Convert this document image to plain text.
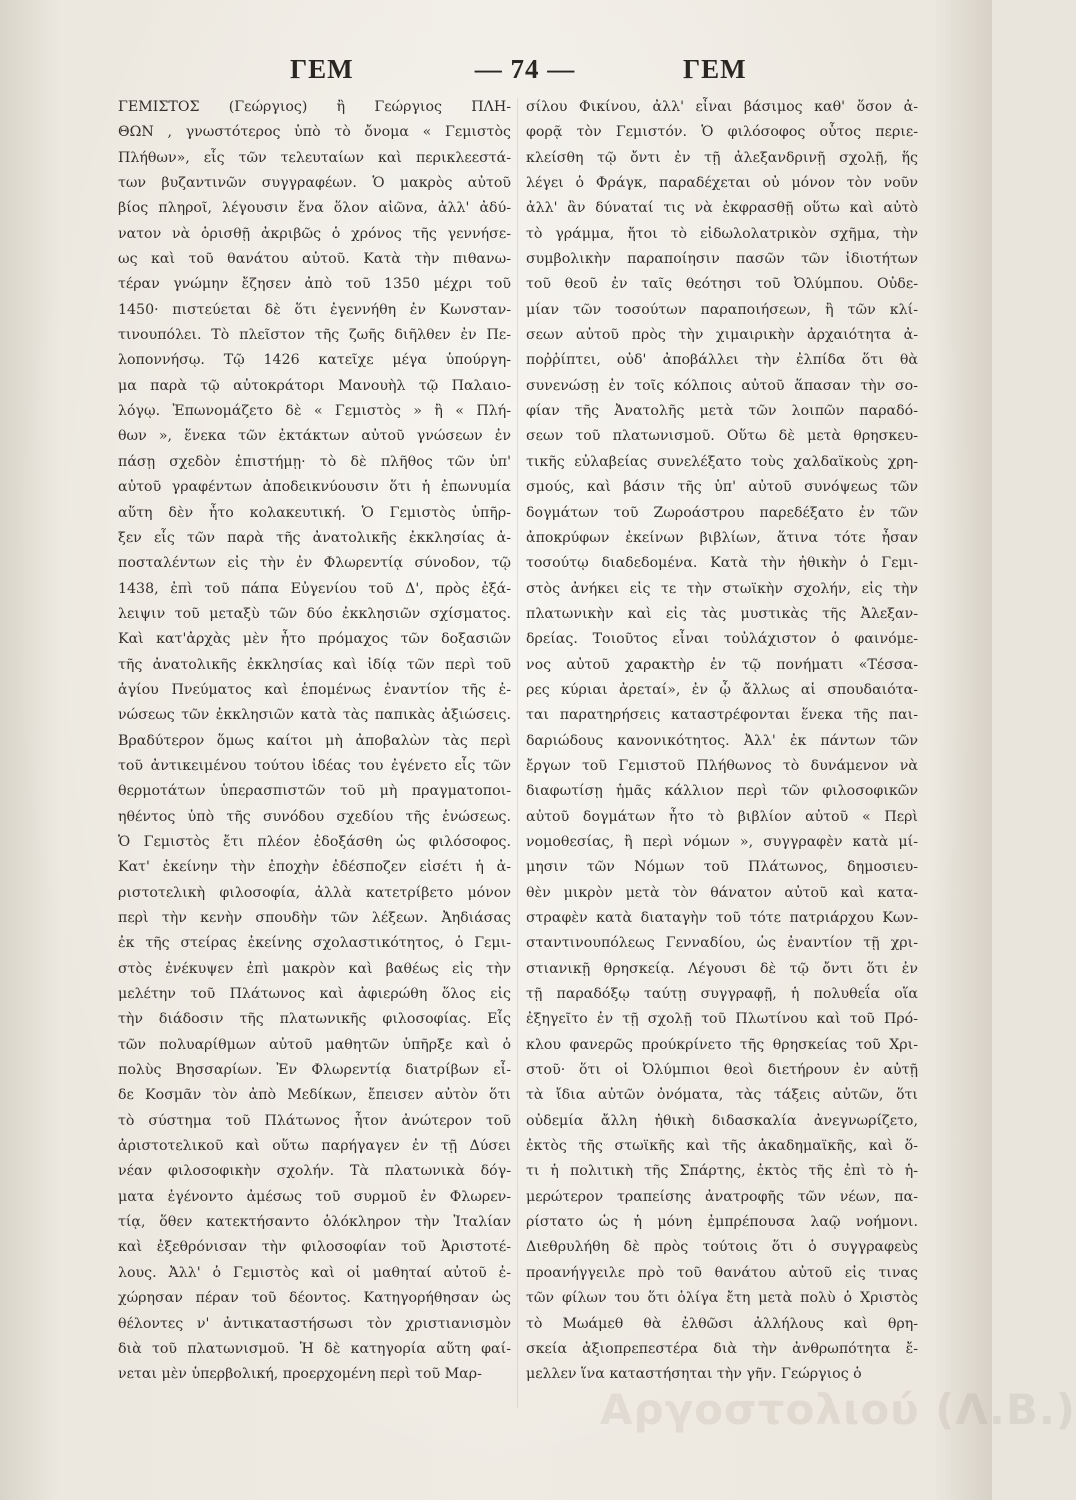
ΓΕΜ	— 74 —	ΓΕΜ
ΓΕΜΙΣΤΟΣ (Γεώργιος) ἢ Γεώργιος ΠΛΗ-
ΘΩΝ , γνωστότερος ὑπὸ τὸ ὄνομα « Γεμιστὸς
Πλήθων», εἷς τῶν τελευταίων καὶ περικλεεστά-
των βυζαντινῶν συγγραφέων. Ὁ μακρὸς αὐτοῦ
βίος πληροῖ, λέγουσιν ἕνα ὅλον αἰῶνα, ἀλλ' ἀδύ-
νατον νὰ ὁρισθῇ ἀκριβῶς ὁ χρόνος τῆς γεννήσε-
ως καὶ τοῦ θανάτου αὐτοῦ. Κατὰ τὴν πιθανω-
τέραν γνώμην ἔζησεν ἀπὸ τοῦ 1350 μέχρι τοῦ
1450· πιστεύεται δὲ ὅτι ἐγεννήθη ἐν Κωνσταν-
τινουπόλει. Τὸ πλεῖστον τῆς ζωῆς διῆλθεν ἐν Πε-
λοποννήσῳ. Τῷ 1426 κατεῖχε μέγα ὑπούργη-
μα παρὰ τῷ αὐτοκράτορι Μανουὴλ τῷ Παλαιο-
λόγῳ. Ἐπωνομάζετο δὲ « Γεμιστὸς » ἢ « Πλή-
θων », ἕνεκα τῶν ἐκτάκτων αὐτοῦ γνώσεων ἐν
πάσῃ σχεδὸν ἐπιστήμῃ· τὸ δὲ πλῆθος τῶν ὑπ'
αὐτοῦ γραφέντων ἀποδεικνύουσιν ὅτι ἡ ἐπωνυμία
αὕτη δὲν ἦτο κολακευτική. Ὁ Γεμιστὸς ὑπῆρ-
ξεν εἷς τῶν παρὰ τῆς ἀνατολικῆς ἐκκλησίας ἀ-
ποσταλέντων εἰς τὴν ἐν Φλωρεντίᾳ σύνοδον, τῷ
1438, ἐπὶ τοῦ πάπα Εὐγενίου τοῦ Δ', πρὸς ἐξά-
λειψιν τοῦ μεταξὺ τῶν δύο ἐκκλησιῶν σχίσματος.
Καὶ κατ'ἀρχὰς μὲν ἦτο πρόμαχος τῶν δοξασιῶν
τῆς ἀνατολικῆς ἐκκλησίας καὶ ἰδίᾳ τῶν περὶ τοῦ
ἁγίου Πνεύματος καὶ ἑπομένως ἐναντίον τῆς ἑ-
νώσεως τῶν ἐκκλησιῶν κατὰ τὰς παπικὰς ἀξιώσεις.
Βραδύτερον ὅμως καίτοι μὴ ἀποβαλὼν τὰς περὶ
τοῦ ἀντικειμένου τούτου ἰδέας του ἐγένετο εἷς τῶν
θερμοτάτων ὑπερασπιστῶν τοῦ μὴ πραγματοποι-
ηθέντος ὑπὸ τῆς συνόδου σχεδίου τῆς ἑνώσεως.
Ὁ Γεμιστὸς ἔτι πλέον ἐδοξάσθη ὡς φιλόσοφος.
Κατ' ἐκείνην τὴν ἐποχὴν ἐδέσποζεν εἰσέτι ἡ ἀ-
ριστοτελικὴ φιλοσοφία, ἀλλὰ κατετρίβετο μόνον
περὶ τὴν κενὴν σπουδὴν τῶν λέξεων. Ἀηδιάσας
ἐκ τῆς στείρας ἐκείνης σχολαστικότητος, ὁ Γεμι-
στὸς ἐνέκυψεν ἐπὶ μακρὸν καὶ βαθέως εἰς τὴν
μελέτην τοῦ Πλάτωνος καὶ ἀφιερώθη ὅλος εἰς
τὴν διάδοσιν τῆς πλατωνικῆς φιλοσοφίας. Εἷς
τῶν πολυαρίθμων αὐτοῦ μαθητῶν ὑπῆρξε καὶ ὁ
πολὺς Βησσαρίων. Ἐν Φλωρεντίᾳ διατρίβων εἶ-
δε Κοσμᾶν τὸν ἀπὸ Μεδίκων, ἔπεισεν αὐτὸν ὅτι
τὸ σύστημα τοῦ Πλάτωνος ἦτον ἀνώτερον τοῦ
ἀριστοτελικοῦ καὶ οὕτω παρήγαγεν ἐν τῇ Δύσει
νέαν φιλοσοφικὴν σχολήν. Τὰ πλατωνικὰ δόγ-
ματα ἐγένοντο ἀμέσως τοῦ συρμοῦ ἐν Φλωρεν-
τίᾳ, ὅθεν κατεκτήσαντο ὁλόκληρον τὴν Ἰταλίαν
καὶ ἐξεθρόνισαν τὴν φιλοσοφίαν τοῦ Ἀριστοτέ-
λους. Ἀλλ' ὁ Γεμιστὸς καὶ οἱ μαθηταί αὐτοῦ ἐ-
χώρησαν πέραν τοῦ δέοντος. Κατηγορήθησαν ὡς
θέλοντες ν' ἀντικαταστήσωσι τὸν χριστιανισμὸν
διὰ τοῦ πλατωνισμοῦ. Ἡ δὲ κατηγορία αὕτη φαί-
νεται μὲν ὑπερβολική, προερχομένη περὶ τοῦ Μαρ-
σίλου Φικίνου, ἀλλ' εἶναι βάσιμος καθ' ὅσον ἀ-
φορᾷ τὸν Γεμιστόν. Ὁ φιλόσοφος οὗτος περιε-
κλείσθη τῷ ὄντι ἐν τῇ ἀλεξανδρινῇ σχολῇ, ἥς
λέγει ὁ Φράγκ, παραδέχεται οὐ μόνον τὸν νοῦν
ἀλλ' ἂν δύναταί τις νὰ ἐκφρασθῇ οὕτω καὶ αὐτὸ
τὸ γράμμα, ἤτοι τὸ εἰδωλολατρικὸν σχῆμα, τὴν
συμβολικὴν παραποίησιν πασῶν τῶν ἰδιοτήτων
τοῦ θεοῦ ἐν ταῖς θεότησι τοῦ Ὀλύμπου. Οὐδε-
μίαν τῶν τοσούτων παραποιήσεων, ἢ τῶν κλί-
σεων αὐτοῦ πρὸς τὴν χιμαιρικὴν ἀρχαιότητα ἀ-
ποῤῥίπτει, οὐδ' ἀποβάλλει τὴν ἐλπίδα ὅτι θὰ
συνενώσῃ ἐν τοῖς κόλποις αὐτοῦ ἅπασαν τὴν σο-
φίαν τῆς Ἀνατολῆς μετὰ τῶν λοιπῶν παραδό-
σεων τοῦ πλατωνισμοῦ. Οὕτω δὲ μετὰ θρησκευ-
τικῆς εὐλαβείας συνελέξατο τοὺς χαλδαϊκοὺς χρη-
σμούς, καὶ βάσιν τῆς ὑπ' αὐτοῦ συνόψεως τῶν
δογμάτων τοῦ Ζωροάστρου παρεδέξατο ἐν τῶν
ἀποκρύφων ἐκείνων βιβλίων, ἅτινα τότε ἦσαν
τοσούτῳ διαδεδομένα. Κατὰ τὴν ἠθικὴν ὁ Γεμι-
στὸς ἀνήκει εἰς τε τὴν στωϊκὴν σχολήν, εἰς τὴν
πλατωνικὴν καὶ εἰς τὰς μυστικὰς τῆς Ἀλεξαν-
δρείας. Τοιοῦτος εἶναι τοὐλάχιστον ὁ φαινόμε-
νος αὐτοῦ χαρακτὴρ ἐν τῷ πονήματι «Τέσσα-
ρες κύριαι ἀρεταί», ἐν ᾧ ἄλλως αἱ σπουδαιότα-
ται παρατηρήσεις καταστρέφονται ἕνεκα τῆς παι-
δαριώδους κανονικότητος. Ἀλλ' ἐκ πάντων τῶν
ἔργων τοῦ Γεμιστοῦ Πλήθωνος τὸ δυνάμενον νὰ
διαφωτίσῃ ἡμᾶς κάλλιον περὶ τῶν φιλοσοφικῶν
αὐτοῦ δογμάτων ἦτο τὸ βιβλίον αὐτοῦ « Περὶ
νομοθεσίας, ἢ περὶ νόμων », συγγραφὲν κατὰ μί-
μησιν τῶν Νόμων τοῦ Πλάτωνος, δημοσιευ-
θὲν μικρὸν μετὰ τὸν θάνατον αὐτοῦ καὶ κατα-
στραφὲν κατὰ διαταγὴν τοῦ τότε πατριάρχου Κων-
σταντινουπόλεως Γενναδίου, ὡς ἐναντίον τῇ χρι-
στιανικῇ θρησκείᾳ. Λέγουσι δὲ τῷ ὄντι ὅτι ἐν
τῇ παραδόξῳ ταύτῃ συγγραφῇ, ἡ πολυθεΐα οἵα
ἐξηγεῖτο ἐν τῇ σχολῇ τοῦ Πλωτίνου καὶ τοῦ Πρό-
κλου φανερῶς προύκρίνετο τῆς θρησκείας τοῦ Χρι-
στοῦ· ὅτι οἱ Ὀλύμπιοι θεοὶ διετήρουν ἐν αὐτῇ
τὰ ἴδια αὐτῶν ὀνόματα, τὰς τάξεις αὐτῶν, ὅτι
οὐδεμία ἄλλη ἠθικὴ διδασκαλία ἀνεγνωρίζετο,
ἐκτὸς τῆς στωϊκῆς καὶ τῆς ἀκαδημαϊκῆς, καὶ ὅ-
τι ἡ πολιτικὴ τῆς Σπάρτης, ἐκτὸς τῆς ἐπὶ τὸ ἡ-
μερώτερον τραπείσης ἀνατροφῆς τῶν νέων, πα-
ρίστατο ὡς ἡ μόνη ἐμπρέπουσα λαῷ νοήμονι.
Διεθρυλήθη δὲ πρὸς τούτοις ὅτι ὁ συγγραφεὺς
προανήγγειλε πρὸ τοῦ θανάτου αὐτοῦ εἰς τινας
τῶν φίλων του ὅτι ὀλίγα ἔτη μετὰ πολὺ ὁ Χριστὸς
τὸ Μωάμεθ θὰ ἐλθῶσι ἀλλήλους καὶ θρη-
σκεία ἀξιοπρεπεστέρα διὰ τὴν ἀνθρωπότητα ἔ-
μελλεν ἵνα καταστήσηται τὴν γῆν. Γεώργιος ὁ
Αργοστολιού (Λ.Β.)
